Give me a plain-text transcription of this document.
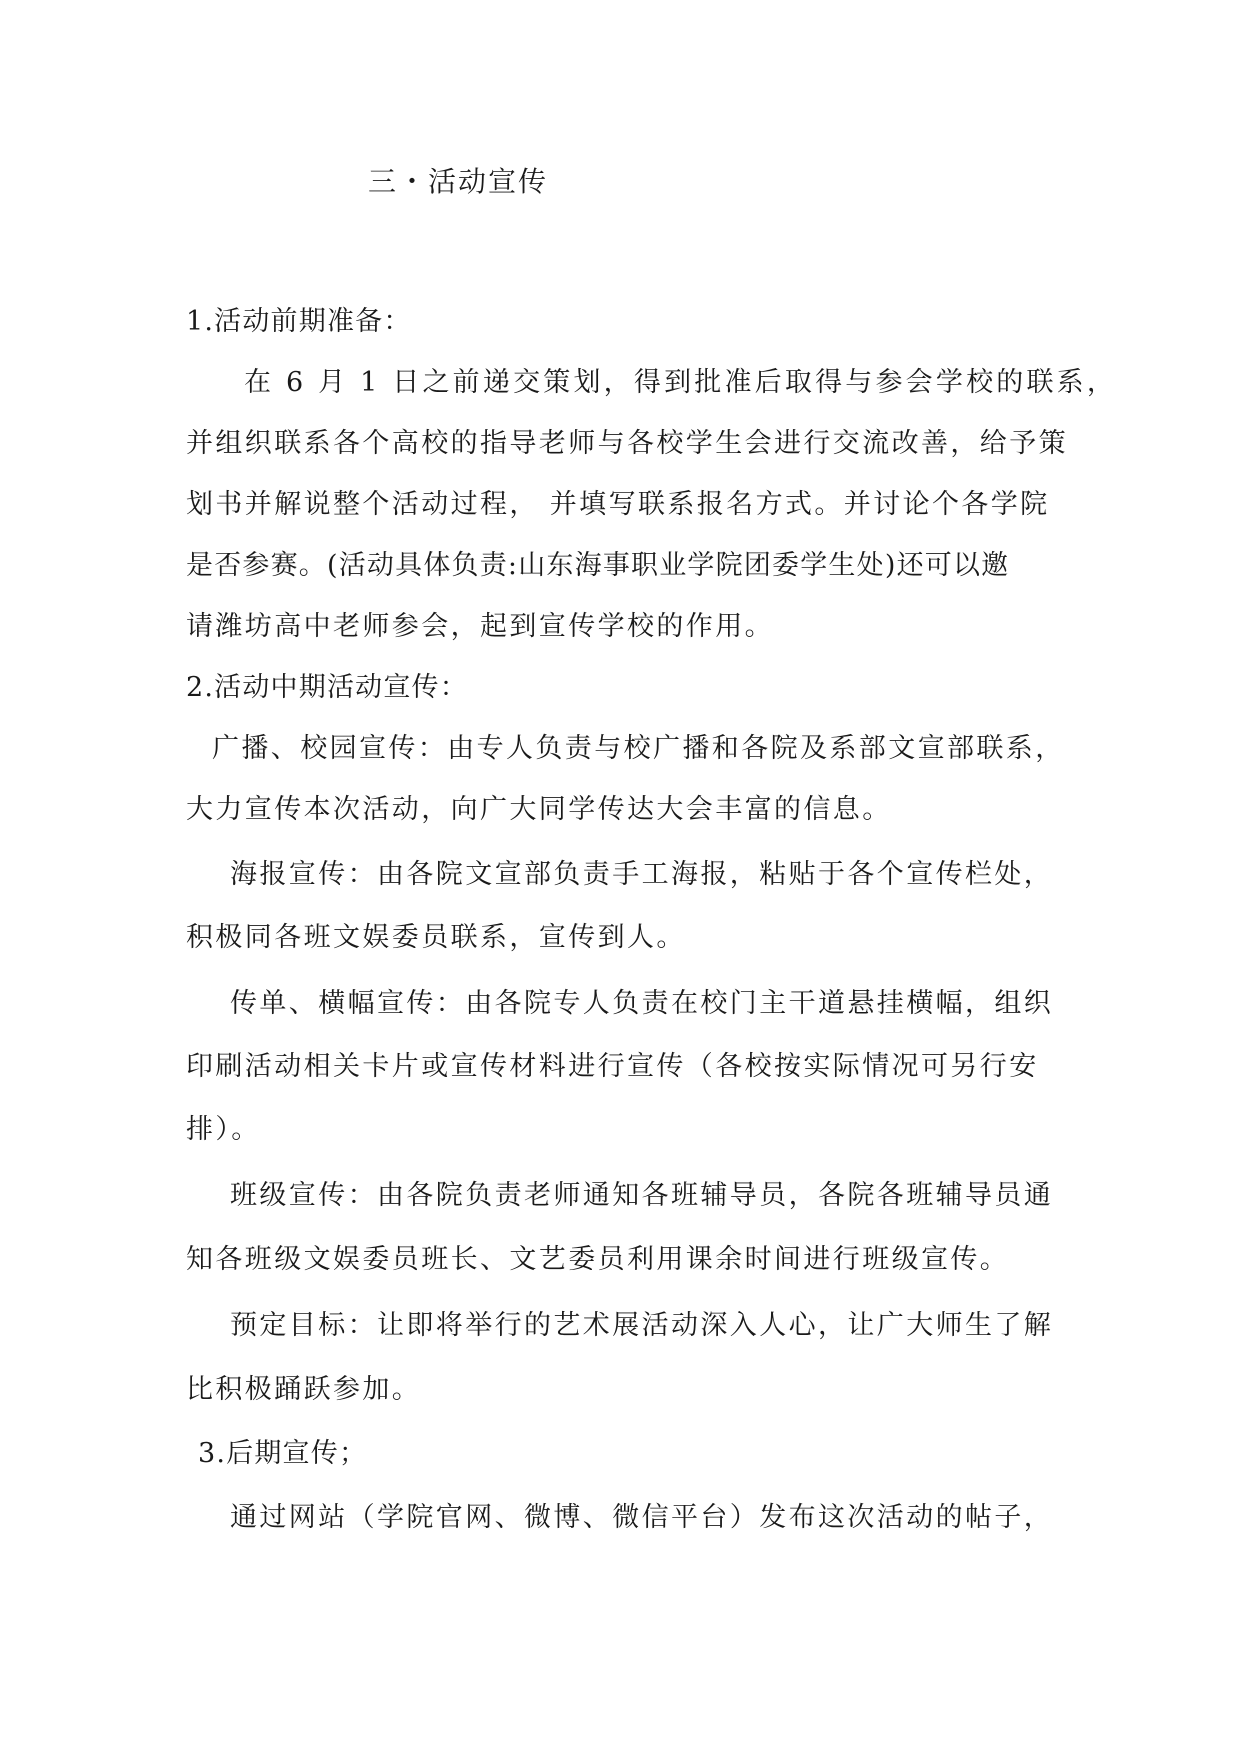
三・活动宣传

1.活动前期准备：

在 6 月 1 日之前递交策划，得到批准后取得与参会学校的联系，

并组织联系各个高校的指导老师与各校学生会进行交流改善，给予策

划书并解说整个活动过程， 并填写联系报名方式。并讨论个各学院

是否参赛。(活动具体负责:山东海事职业学院团委学生处)还可以邀

请潍坊高中老师参会，起到宣传学校的作用。

2.活动中期活动宣传：

广播、校园宣传：由专人负责与校广播和各院及系部文宣部联系，

大力宣传本次活动，向广大同学传达大会丰富的信息。

海报宣传：由各院文宣部负责手工海报，粘贴于各个宣传栏处，

积极同各班文娱委员联系，宣传到人。

传单、横幅宣传：由各院专人负责在校门主干道悬挂横幅，组织

印刷活动相关卡片或宣传材料进行宣传（各校按实际情况可另行安

排）。

班级宣传：由各院负责老师通知各班辅导员，各院各班辅导员通

知各班级文娱委员班长、文艺委员利用课余时间进行班级宣传。

预定目标：让即将举行的艺术展活动深入人心，让广大师生了解

比积极踊跃参加。

3.后期宣传；

通过网站（学院官网、微博、微信平台）发布这次活动的帖子，
